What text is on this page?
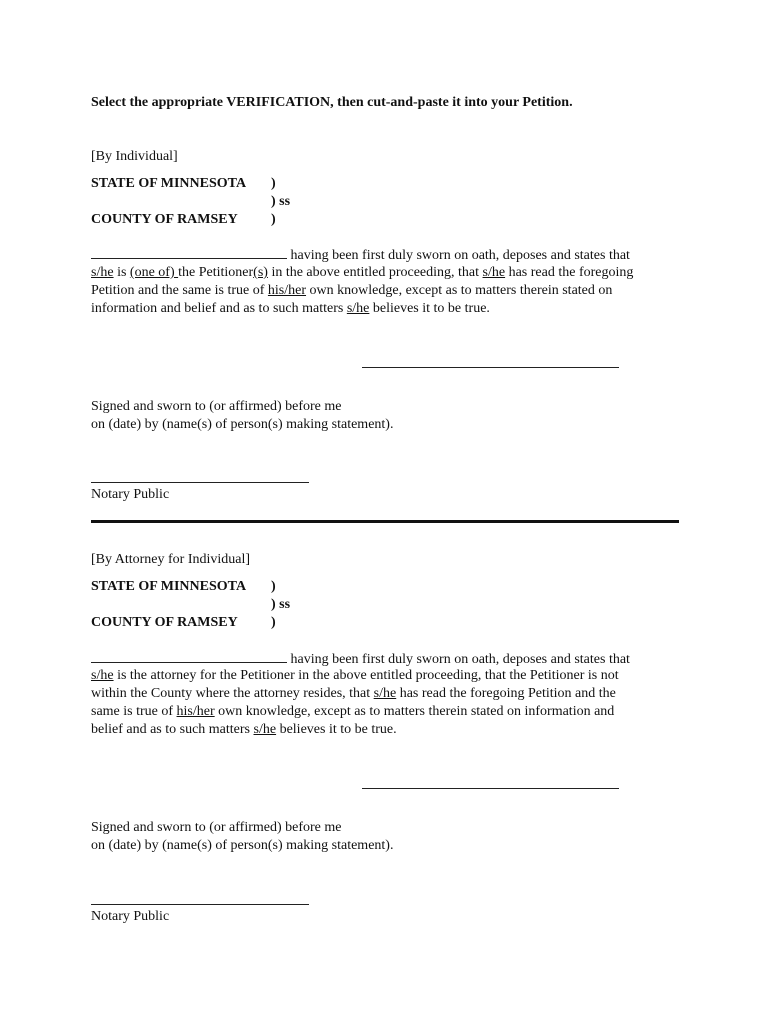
Select the appropriate VERIFICATION, then cut-and-paste it into your Petition.
[By Individual]
STATE OF MINNESOTA )
) ss
COUNTY OF RAMSEY )
having been first duly sworn on oath, deposes and states that
s/he is (one of) the Petitioner(s) in the above entitled proceeding, that s/he has read the foregoing
Petition and the same is true of his/her own knowledge, except as to matters therein stated on
information and belief and as to such matters s/he believes it to be true.
Signed and sworn to (or affirmed) before me
on (date) by (name(s) of person(s) making statement).
Notary Public
[By Attorney for Individual]
STATE OF MINNESOTA )
) ss
COUNTY OF RAMSEY )
having been first duly sworn on oath, deposes and states that
s/he is the attorney for the Petitioner in the above entitled proceeding, that the Petitioner is not
within the County where the attorney resides, that s/he has read the foregoing Petition and the
same is true of his/her own knowledge, except as to matters therein stated on information and
belief and as to such matters s/he believes it to be true.
Signed and sworn to (or affirmed) before me
on (date) by (name(s) of person(s) making statement).
Notary Public
